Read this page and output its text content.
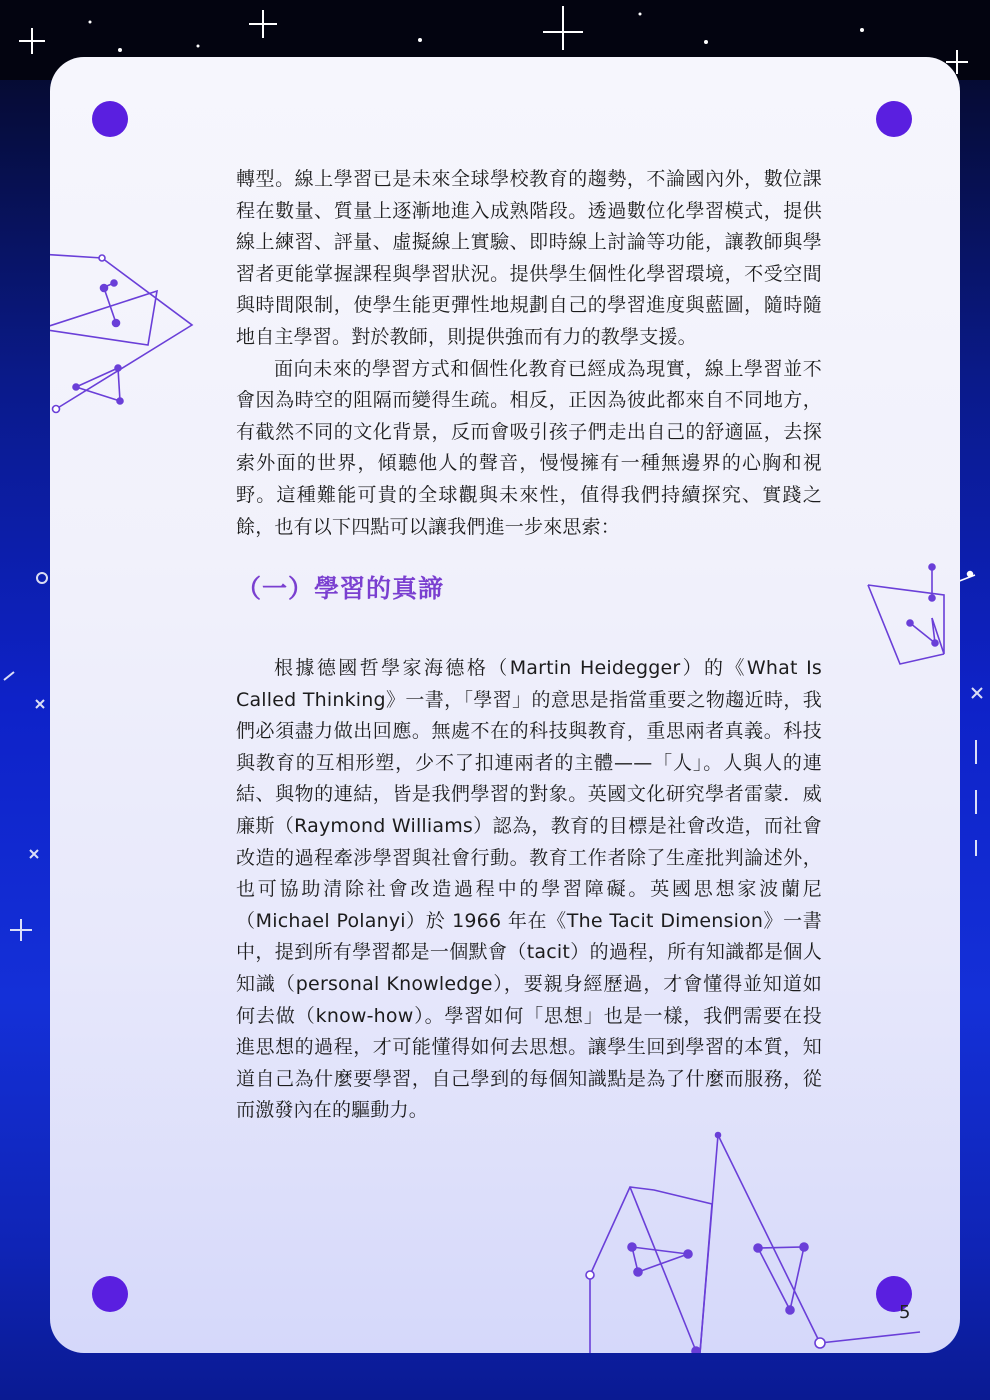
轉型。線上學習已是未來全球學校教育的趨勢，不論國內外，數位課程在數量、質量上逐漸地進入成熟階段。透過數位化學習模式，提供線上練習、評量、虛擬線上實驗、即時線上討論等功能，讓教師與學習者更能掌握課程與學習狀況。提供學生個性化學習環境，不受空間與時間限制，使學生能更彈性地規劃自己的學習進度與藍圖，隨時隨地自主學習。對於教師，則提供強而有力的教學支援。

面向未來的學習方式和個性化教育已經成為現實，線上學習並不會因為時空的阻隔而變得生疏。相反，正因為彼此都來自不同地方，有截然不同的文化背景，反而會吸引孩子們走出自己的舒適區，去探索外面的世界，傾聽他人的聲音，慢慢擁有一種無邊界的心胸和視野。這種難能可貴的全球觀與未來性，值得我們持續探究、實踐之餘，也有以下四點可以讓我們進一步來思索：

（一）學習的真諦

根據德國哲學家海德格（Martin Heidegger）的《What Is Called Thinking》一書，「學習」的意思是指當重要之物趨近時，我們必須盡力做出回應。無處不在的科技與教育，重思兩者真義。科技與教育的互相形塑，少不了扣連兩者的主體——「人」。人與人的連結、與物的連結，皆是我們學習的對象。英國文化研究學者雷蒙．威廉斯（Raymond Williams）認為，教育的目標是社會改造，而社會改造的過程牽涉學習與社會行動。教育工作者除了生產批判論述外，也可協助清除社會改造過程中的學習障礙。英國思想家波蘭尼（Michael Polanyi）於 1966 年在《The Tacit Dimension》一書中，提到所有學習都是一個默會（tacit）的過程，所有知識都是個人知識（personal Knowledge），要親身經歷過，才會懂得並知道如何去做（know-how）。學習如何「思想」也是一樣，我們需要在投進思想的過程，才可能懂得如何去思想。讓學生回到學習的本質，知道自己為什麼要學習，自己學到的每個知識點是為了什麼而服務，從而激發內在的驅動力。

5
